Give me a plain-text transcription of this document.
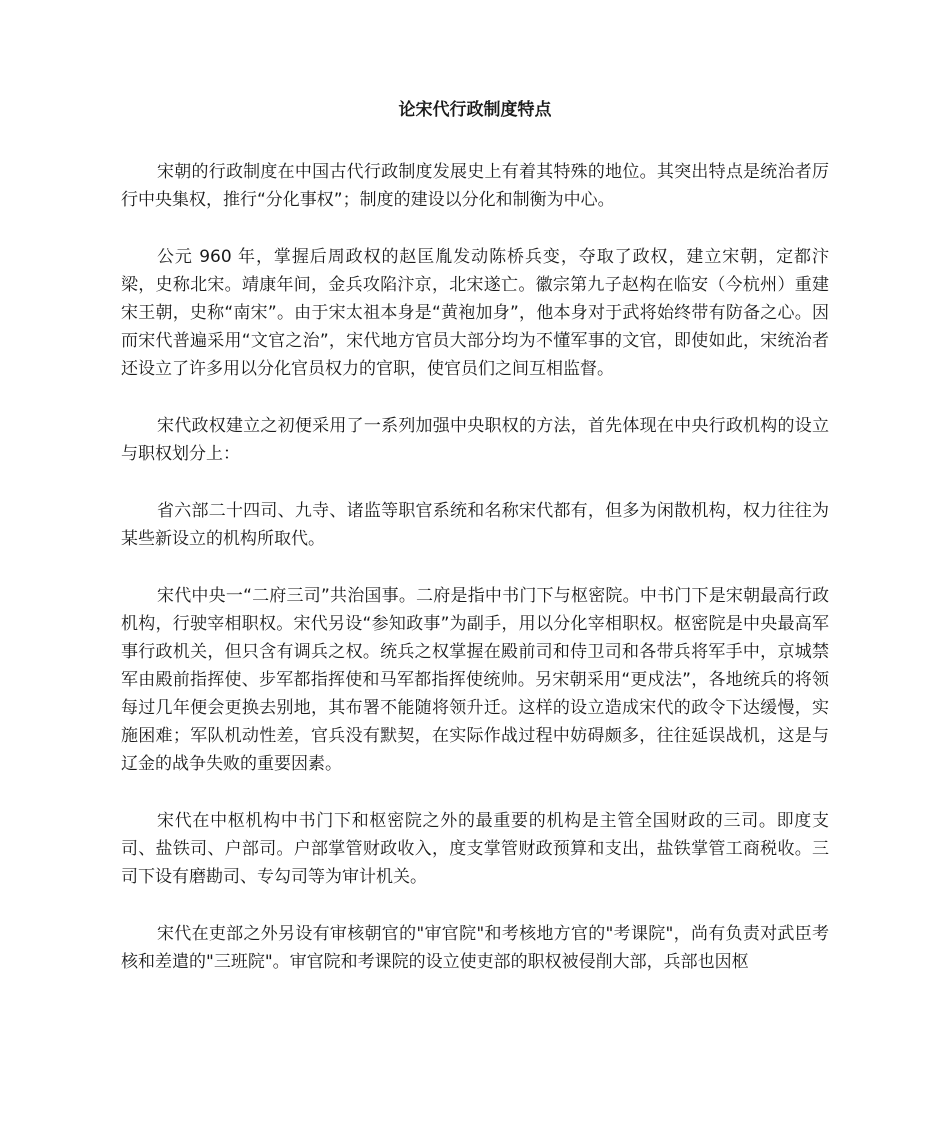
论宋代行政制度特点

宋朝的行政制度在中国古代行政制度发展史上有着其特殊的地位。其突出特点是统治者厉行中央集权，推行“分化事权”；制度的建设以分化和制衡为中心。

公元 960 年，掌握后周政权的赵匡胤发动陈桥兵变，夺取了政权，建立宋朝，定都汴梁，史称北宋。靖康年间，金兵攻陷汴京，北宋遂亡。徽宗第九子赵构在临安（今杭州）重建宋王朝，史称“南宋”。由于宋太祖本身是“黄袍加身”，他本身对于武将始终带有防备之心。因而宋代普遍采用“文官之治”，宋代地方官员大部分均为不懂军事的文官，即使如此，宋统治者还设立了许多用以分化官员权力的官职，使官员们之间互相监督。

宋代政权建立之初便采用了一系列加强中央职权的方法，首先体现在中央行政机构的设立与职权划分上：

省六部二十四司、九寺、诸监等职官系统和名称宋代都有，但多为闲散机构，权力往往为某些新设立的机构所取代。

宋代中央一“二府三司”共治国事。二府是指中书门下与枢密院。中书门下是宋朝最高行政机构，行驶宰相职权。宋代另设“参知政事”为副手，用以分化宰相职权。枢密院是中央最高军事行政机关，但只含有调兵之权。统兵之权掌握在殿前司和侍卫司和各带兵将军手中，京城禁军由殿前指挥使、步军都指挥使和马军都指挥使统帅。另宋朝采用“更戍法”，各地统兵的将领每过几年便会更换去别地，其布署不能随将领升迁。这样的设立造成宋代的政令下达缓慢，实施困难；军队机动性差，官兵没有默契，在实际作战过程中妨碍颇多，往往延误战机，这是与辽金的战争失败的重要因素。

宋代在中枢机构中书门下和枢密院之外的最重要的机构是主管全国财政的三司。即度支司、盐铁司、户部司。户部掌管财政收入，度支掌管财政预算和支出，盐铁掌管工商税收。三司下设有磨勘司、专勾司等为审计机关。

宋代在吏部之外另设有审核朝官的"审官院"和考核地方官的"考课院"，尚有负责对武臣考核和差遣的"三班院"。审官院和考课院的设立使吏部的职权被侵削大部，兵部也因枢
